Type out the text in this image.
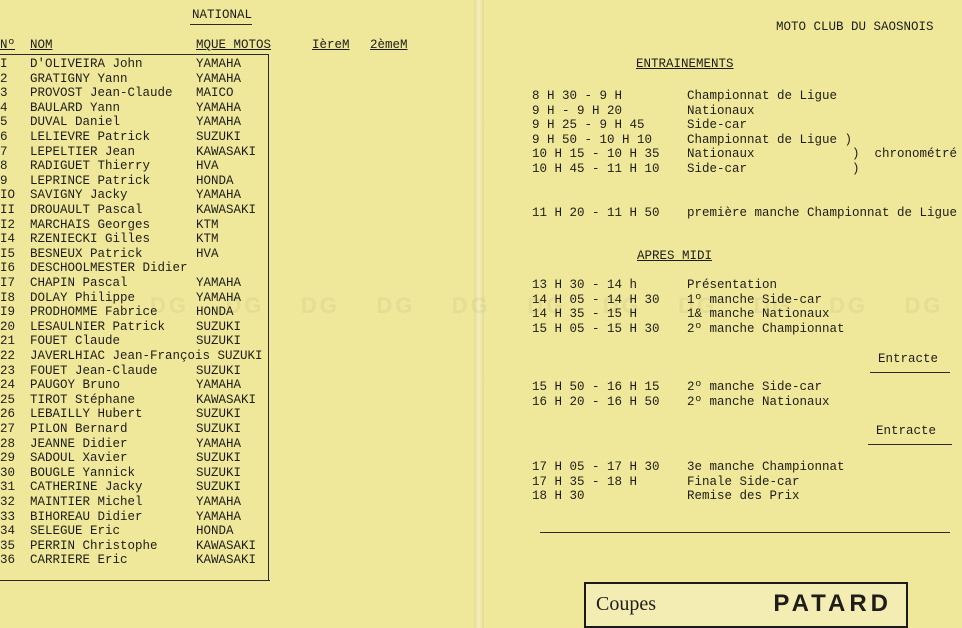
NATIONAL
Nº NOM	MQUE MOTOS	IèreM 2èmeM
I D'OLIVEIRA John	YAMAHA
2 GRATIGNY Yann	YAMAHA
3 PROVOST Jean-Claude MAICO
4 BAULARD Yann	YAMAHA
5 DUVAL Daniel	YAMAHA
6 LELIEVRE Patrick	SUZUKI
7 LEPELTIER Jean	KAWASAKI
8 RADIGUET Thierry	HVA
9 LEPRINCE Patrick	HONDA
IO SAVIGNY Jacky	YAMAHA
II DROUAULT Pascal	KAWASAKI
I2 MARCHAIS Georges	KTM
I4 RZENIECKI Gilles	KTM
I5 BESNEUX Patrick	HVA
I6 DESCHOOLMESTER Didier
I7 CHAPIN Pascal	YAMAHA
I8 DOLAY Philippe	YAMAHA
I9 PRODHOMME Fabrice	HONDA
20 LESAULNIER Patrick SUZUKI
21 FOUET Claude	SUZUKI
22 JAVERLHIAC Jean-François SUZUKI
23 FOUET Jean-Claude	SUZUKI
24 PAUGOY Bruno	YAMAHA
25 TIROT Stéphane	KAWASAKI
26 LEBAILLY Hubert	SUZUKI
27 PILON Bernard	SUZUKI
28 JEANNE Didier	YAMAHA
29 SADOUL Xavier	SUZUKI
30 BOUGLE Yannick	SUZUKI
31 CATHERINE Jacky	SUZUKI
32 MAINTIER Michel	YAMAHA
33 BIHOREAU Didier	YAMAHA
34 SELEGUE Eric	HONDA
35 PERRIN Christophe	KAWASAKI
36 CARRIERE Eric	KAWASAKI
MOTO CLUB DU SAOSNOIS
ENTRAINEMENTS
8 H 30 - 9 H	Championnat de Ligue
9 H - 9 H 20	Nationaux
9 H 25 - 9 H 45	Side-car
9 H 50 - 10 H 10	Championnat de Ligue )
10 H 15 - 10 H 35 Nationaux             )  chronométré
10 H 45 - 11 H 10 Side-car              )
11 H 20 - 11 H 50 première manche Championnat de Ligue
APRES MIDI
13 H 30 - 14 h	Présentation
14 H 05 - 14 H 30 1º manche Side-car
14 H 35 - 15 H	1& manche Nationaux
15 H 05 - 15 H 30 2º manche Championnat
Entracte
15 H 50 - 16 H 15 2º manche Side-car
16 H 20 - 16 H 50 2º manche Nationaux
Entracte
17 H 05 - 17 H 30 3e manche Championnat
17 H 35 - 18 H	Finale Side-car
18 H 30	Remise des Prix
Coupes	PATARD
